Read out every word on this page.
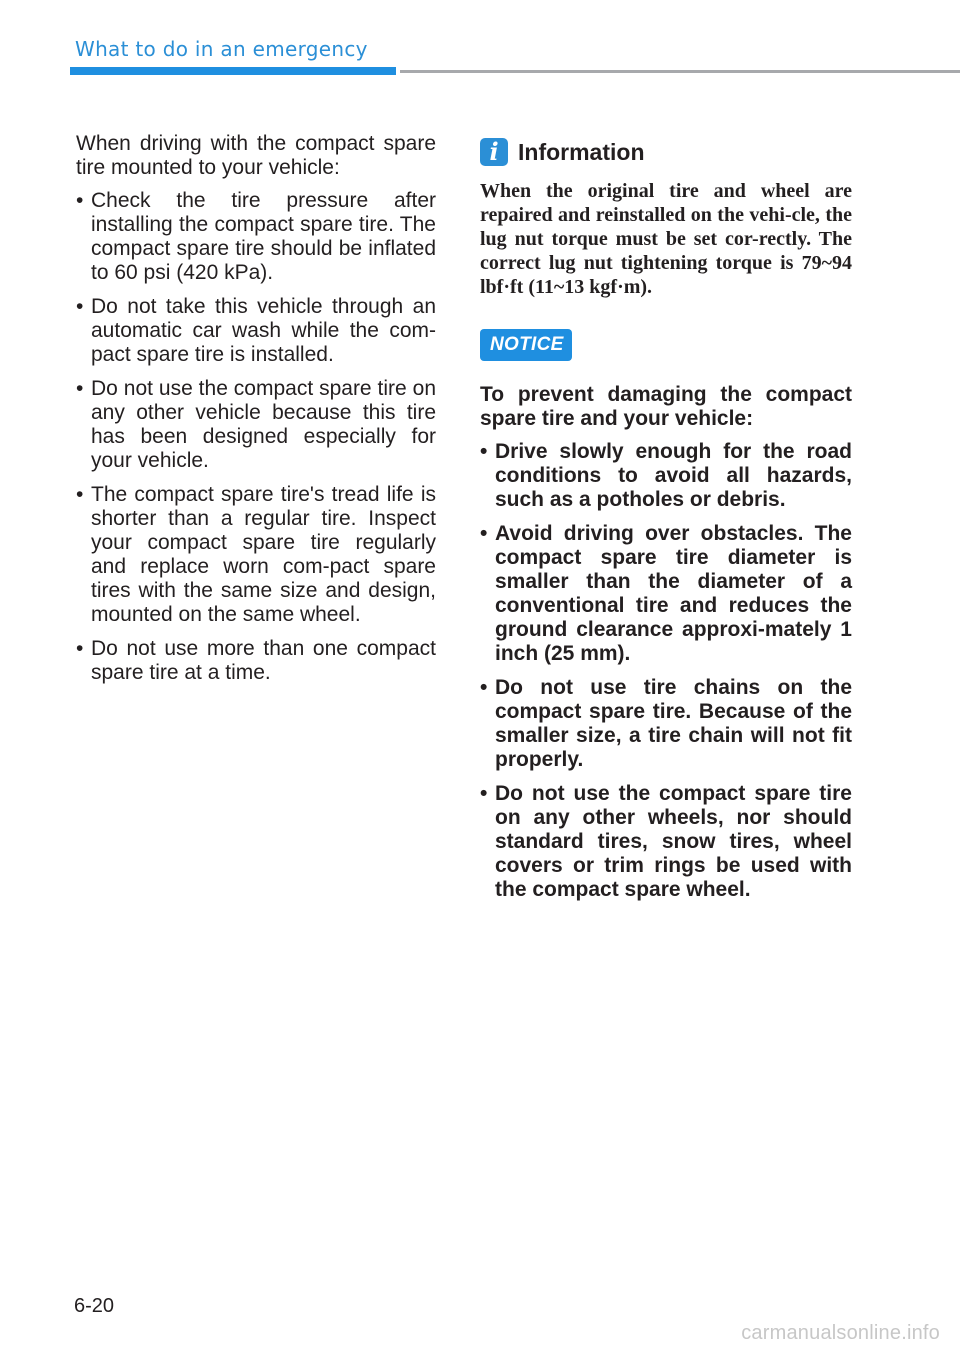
What to do in an emergency

When driving with the compact spare tire mounted to your vehicle:

• Check the tire pressure after installing the compact spare tire. The compact spare tire should be inflated to 60 psi (420 kPa).
• Do not take this vehicle through an automatic car wash while the com-pact spare tire is installed.
• Do not use the compact spare tire on any other vehicle because this tire has been designed especially for your vehicle.
• The compact spare tire's tread life is shorter than a regular tire. Inspect your compact spare tire regularly and replace worn com-pact spare tires with the same size and design, mounted on the same wheel.
• Do not use more than one compact spare tire at a time.
i Information

When the original tire and wheel are repaired and reinstalled on the vehi-cle, the lug nut torque must be set cor-rectly. The correct lug nut tightening torque is 79~94 lbf·ft (11~13 kgf·m).

NOTICE

To prevent damaging the compact spare tire and your vehicle:

• Drive slowly enough for the road conditions to avoid all hazards, such as a potholes or debris.
• Avoid driving over obstacles. The compact spare tire diameter is smaller than the diameter of a conventional tire and reduces the ground clearance approxi-mately 1 inch (25 mm).
• Do not use tire chains on the compact spare tire. Because of the smaller size, a tire chain will not fit properly.
• Do not use the compact spare tire on any other wheels, nor should standard tires, snow tires, wheel covers or trim rings be used with the compact spare wheel.
6-20
carmanualsonline.info
